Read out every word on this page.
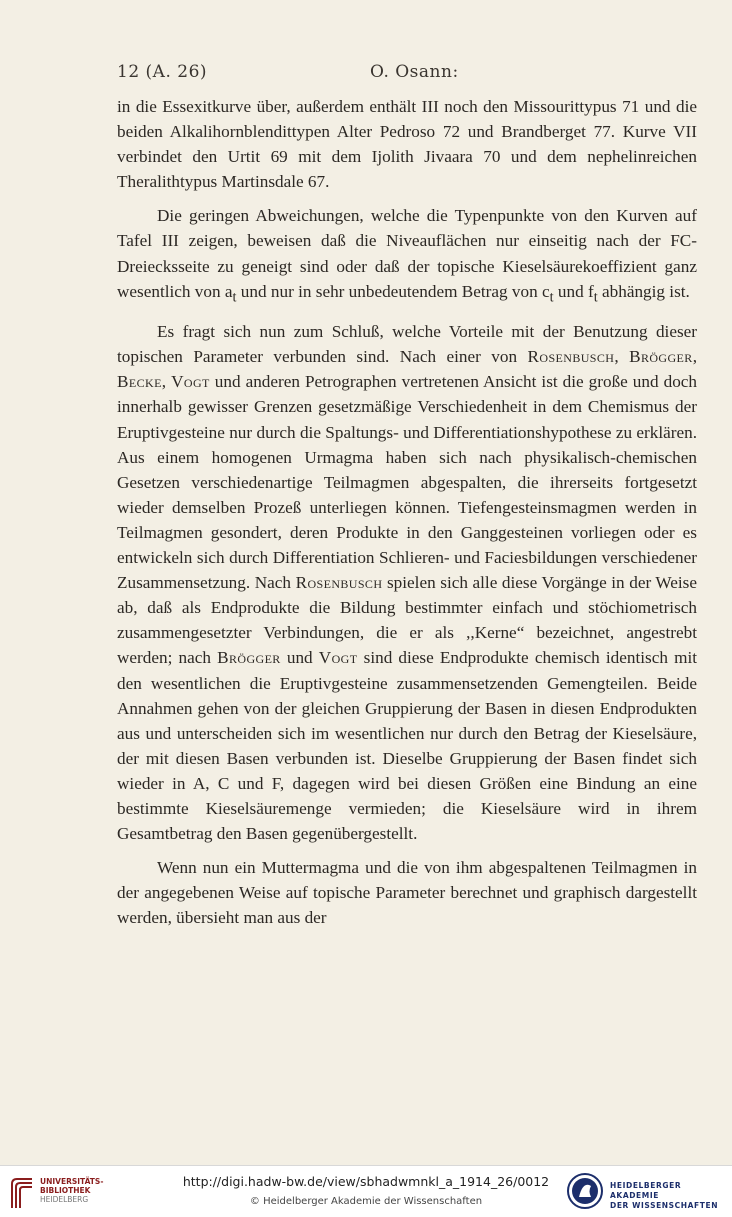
12 (A. 26)	O. Osann:

in die Essexitkurve über, außerdem enthält III noch den Missourittypus 71 und die beiden Alkalihornblendittypen Alter Pedroso 72 und Brandberget 77. Kurve VII verbindet den Urtit 69 mit dem Ijolith Jivaara 70 und dem nephelinreichen Theralithtypus Martinsdale 67.

Die geringen Abweichungen, welche die Typenpunkte von den Kurven auf Tafel III zeigen, beweisen daß die Niveauflächen nur einseitig nach der FC-Dreiecksseite zu geneigt sind oder daß der topische Kieselsäurekoeffizient ganz wesentlich von $a_t$ und nur in sehr unbedeutendem Betrag von $c_t$ und $f_t$ abhängig ist.

Es fragt sich nun zum Schluß, welche Vorteile mit der Benutzung dieser topischen Parameter verbunden sind. Nach einer von Rosenbusch, Brögger, Becke, Vogt und anderen Petrographen vertretenen Ansicht ist die große und doch innerhalb gewisser Grenzen gesetzmäßige Verschiedenheit in dem Chemismus der Eruptivgesteine nur durch die Spaltungs- und Differentiationshypothese zu erklären. Aus einem homogenen Urmagma haben sich nach physikalisch-chemischen Gesetzen verschiedenartige Teilmagmen abgespalten, die ihrerseits fortgesetzt wieder demselben Prozeß unterliegen können. Tiefengesteinsmagmen werden in Teilmagmen gesondert, deren Produkte in den Ganggesteinen vorliegen oder es entwickeln sich durch Differentiation Schlieren- und Faciesbildungen verschiedener Zusammensetzung. Nach Rosenbusch spielen sich alle diese Vorgänge in der Weise ab, daß als Endprodukte die Bildung bestimmter einfach und stöchiometrisch zusammengesetzter Verbindungen, die er als ,,Kerne“ bezeichnet, angestrebt werden; nach Brögger und Vogt sind diese Endprodukte chemisch identisch mit den wesentlichen die Eruptivgesteine zusammensetzenden Gemengteilen. Beide Annahmen gehen von der gleichen Gruppierung der Basen in diesen Endprodukten aus und unterscheiden sich im wesentlichen nur durch den Betrag der Kieselsäure, der mit diesen Basen verbunden ist. Dieselbe Gruppierung der Basen findet sich wieder in A, C und F, dagegen wird bei diesen Größen eine Bindung an eine bestimmte Kieselsäuremenge vermieden; die Kieselsäure wird in ihrem Gesamtbetrag den Basen gegenübergestellt.

Wenn nun ein Muttermagma und die von ihm abgespaltenen Teilmagmen in der angegebenen Weise auf topische Parameter berechnet und graphisch dargestellt werden, übersieht man aus der

UNIVERSITÄTS-
BIBLIOTHEK
HEIDELBERG
http://digi.hadw-bw.de/view/sbhadwmnkl_a_1914_26/0012
© Heidelberger Akademie der Wissenschaften
HEIDELBERGER AKADEMIE
DER WISSENSCHAFTEN
